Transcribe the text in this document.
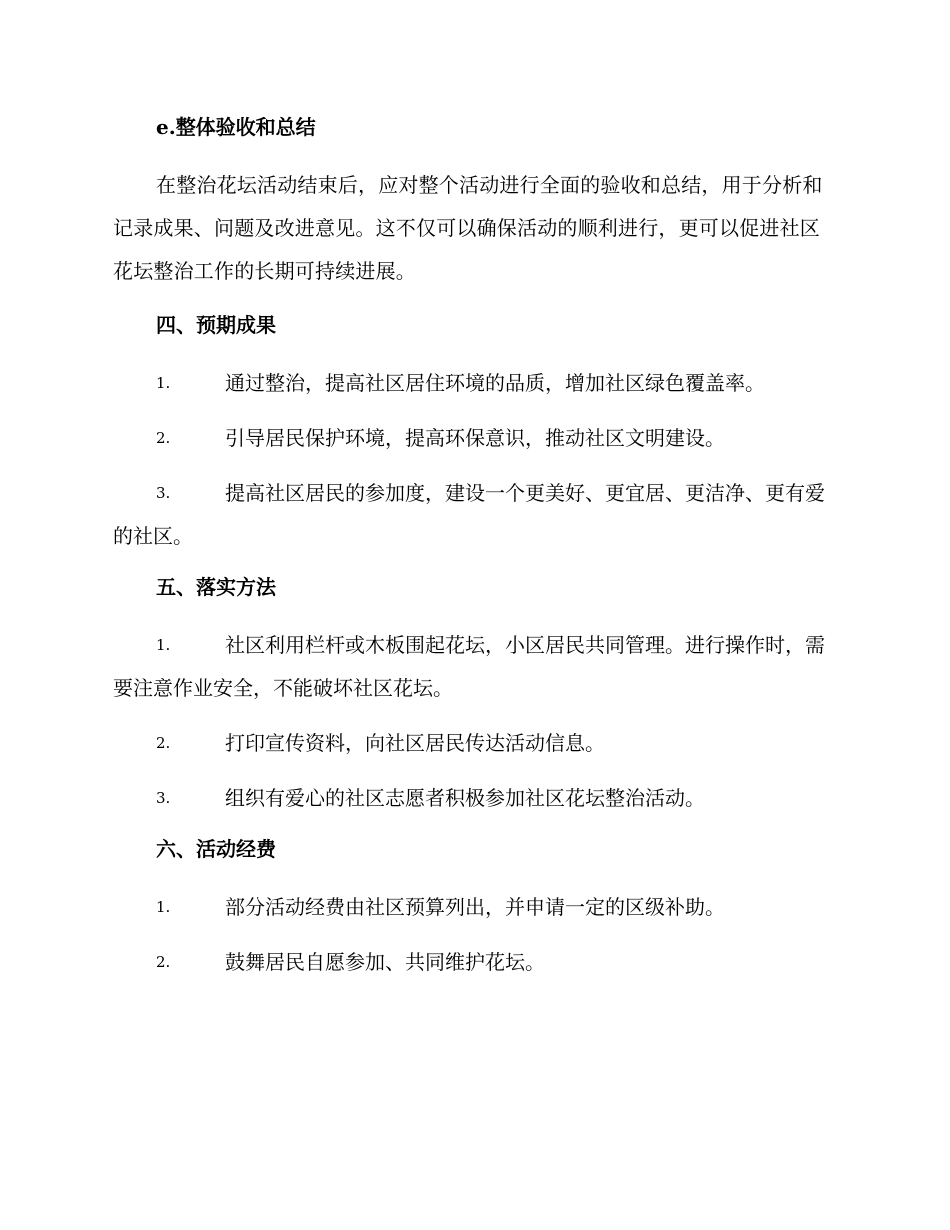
e.整体验收和总结
在整治花坛活动结束后，应对整个活动进行全面的验收和总结，用于分析和记录成果、问题及改进意见。这不仅可以确保活动的顺利进行，更可以促进社区花坛整治工作的长期可持续进展。
四、预期成果
1.	通过整治，提高社区居住环境的品质，增加社区绿色覆盖率。
2.	引导居民保护环境，提高环保意识，推动社区文明建设。
3.	提高社区居民的参加度，建设一个更美好、更宜居、更洁净、更有爱的社区。
五、落实方法
1.	社区利用栏杆或木板围起花坛，小区居民共同管理。进行操作时，需要注意作业安全，不能破坏社区花坛。
2.	打印宣传资料，向社区居民传达活动信息。
3.	组织有爱心的社区志愿者积极参加社区花坛整治活动。
六、活动经费
1.	部分活动经费由社区预算列出，并申请一定的区级补助。
2.	鼓舞居民自愿参加、共同维护花坛。
